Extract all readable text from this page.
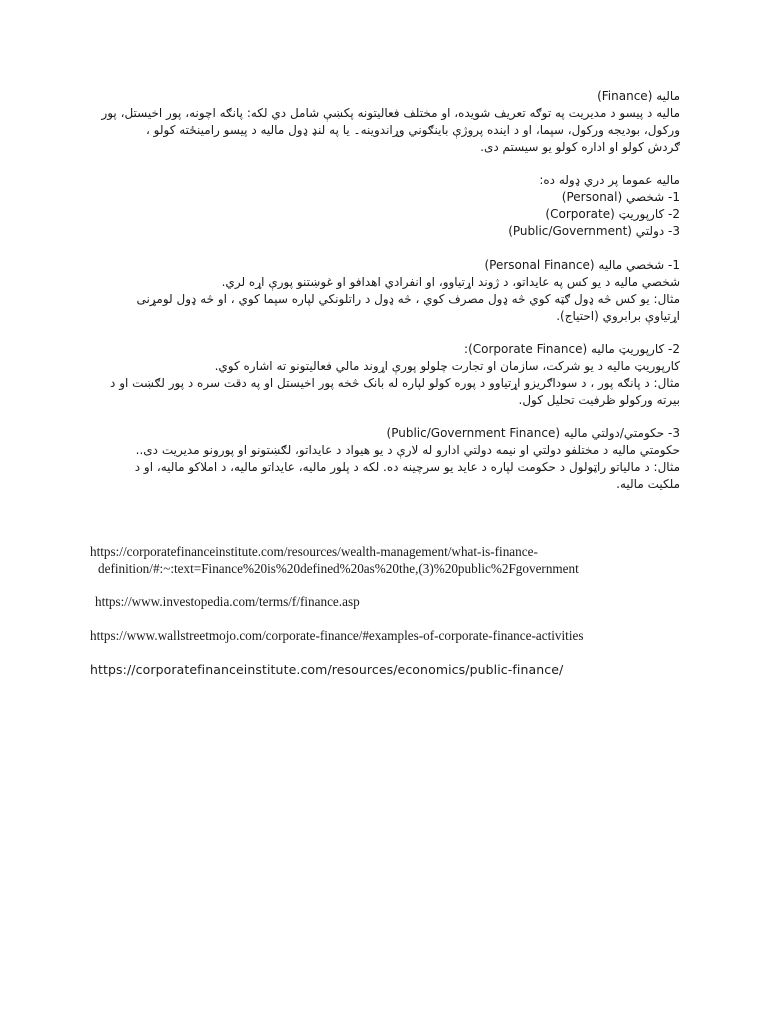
مالیه (Finance)

مالیه د پیسو د مدیریت په توګه تعریف شویده، او مختلف فعالیتونه پکښې شامل دي لکه: پانګه اچونه، پور اخیستل، پور

ورکول، بودیجه ورکول، سپما، او د اینده پروژې باینګوني وړاندوینه۔ یا په لنډ ډول مالیه د پیسو رامینځته کولو ،

ګردش کولو او اداره کولو یو سیستم دی.

مالیه عموما پر دري ډوله ده:

1- شخصي (Personal)

2- کارپوریټ (Corporate)

3- دولتي (Public/Government)

1- شخصي مالیه (Personal Finance)

شخصي مالیه د یو کس په عایداتو، د ژوند اړتیاوو، او انفرادي اهدافو او غوښتنو پورې اړه لري.

مثال: یو کس څه ډول ګټه کوي څه ډول مصرف کوي ، څه ډول د راتلونکي لپاره سپما کوي ، او څه ډول لومړنی

اړتیاوې برابروي (احتیاج).

2- کارپوریټ مالیه (Corporate Finance):

کارپوریټ مالیه د یو شرکت، سازمان او تجارت چلولو پورې اړوند مالي فعالیتونو ته اشاره کوي.

مثال: د پانګه پور ، د سوداګریزو اړتیاوو د پوره کولو لپاره له بانک څخه پور اخیستل او په دقت سره د پور لګښت او د

بیرته ورکولو ظرفیت تحلیل کول.

3- حکومتي/دولتي مالیه (Public/Government Finance)

حکومتي مالیه د مختلفو دولتي او نیمه دولتي ادارو له لارې د یو هیواد د عایداتو، لګښتونو او پورونو مدیریت دی..

مثال: د مالیاتو راټولول د حکومت لپاره د عاید یو سرچینه ده. لکه د پلور مالیه، عایداتو مالیه، د املاکو مالیه، او د

ملکیت مالیه.

https://corporatefinanceinstitute.com/resources/wealth-management/what-is-finance-

definition/#:~:text=Finance%20is%20defined%20as%20the,(3)%20public%2Fgovernment

https://www.investopedia.com/terms/f/finance.asp

https://www.wallstreetmojo.com/corporate-finance/#examples-of-corporate-finance-activities

https://corporatefinanceinstitute.com/resources/economics/public-finance/
